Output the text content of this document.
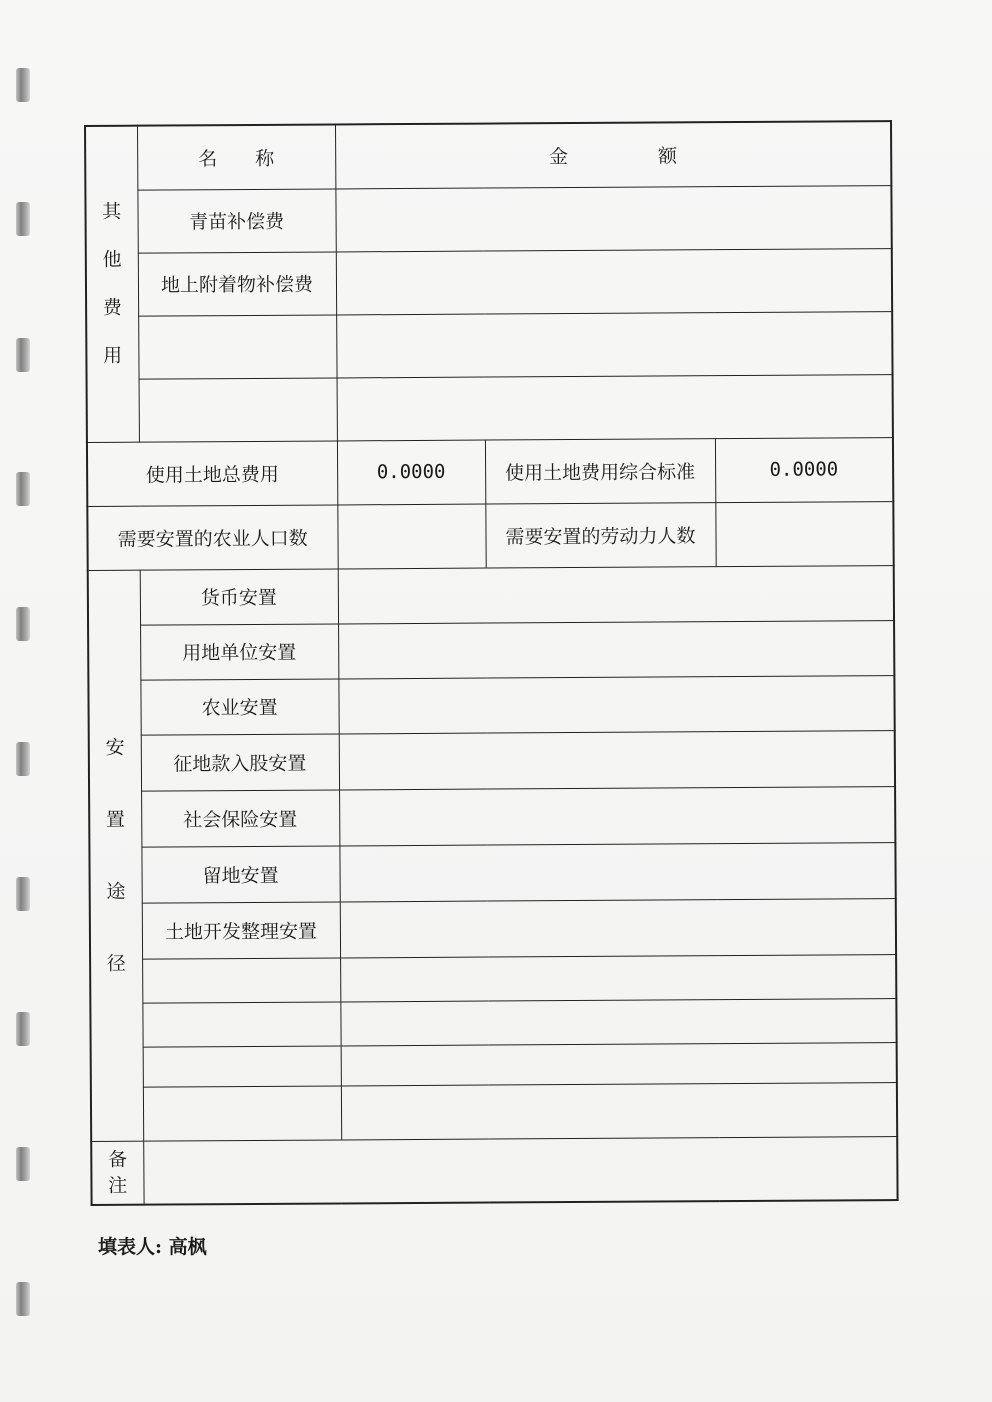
其
他
费
用	名称	金额		
	青苗补偿费			
	地上附着物补偿费			

使用土地总费用		0.0000	使用土地费用综合标准	0.0000
需要安置的农业人口数			需要安置的劳动力人数	

安
置
途
径	货币安置			
	用地单位安置			
	农业安置			
	征地款入股安置			
	社会保险安置			
	留地安置			
	土地开发整理安置			

备
注				

填表人: 高枫
